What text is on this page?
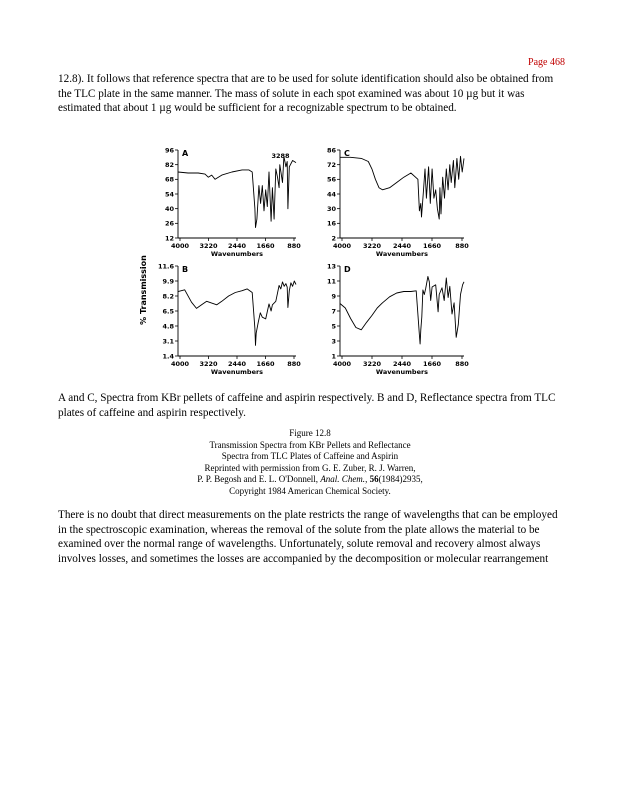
Page 468
12.8). It follows that reference spectra that are to be used for solute identification should also be obtained from the TLC plate in the same manner. The mass of solute in each spot examined was about 10 µg but it was estimated that about 1 µg would be sufficient for a recognizable spectrum to be obtained.
% Transmission
96
82
68
54
40
26
12
4000 3220 2440 1660 880
Wavenumbers
A	3288
11.6
9.9
8.2
6.5
4.8
3.1
1.4
4000 3220 2440 1660 880
Wavenumbers
B
86
72
56
44
30
16
2
4000 3220 2440 1660 880
Wavenumbers
C
13
11
9
7
5
3
1
4000 3220 2440 1660 880
Wavenumbers
D
A and C, Spectra from KBr pellets of caffeine and aspirin respectively. B and D, Reflectance spectra from TLC plates of caffeine and aspirin respectively.
Figure 12.8
Transmission Spectra from KBr Pellets and Reflectance
Spectra from TLC Plates of Caffeine and Aspirin
Reprinted with permission from G. E. Zuber, R. J. Warren,
P. P. Begosh and E. L. O'Donnell, Anal. Chem., 56(1984)2935,
Copyright 1984 American Chemical Society.
There is no doubt that direct measurements on the plate restricts the range of wavelengths that can be employed in the spectroscopic examination, whereas the removal of the solute from the plate allows the material to be examined over the normal range of wavelengths. Unfortunately, solute removal and recovery almost always involves losses, and sometimes the losses are accompanied by the decomposition or molecular rearrangement
